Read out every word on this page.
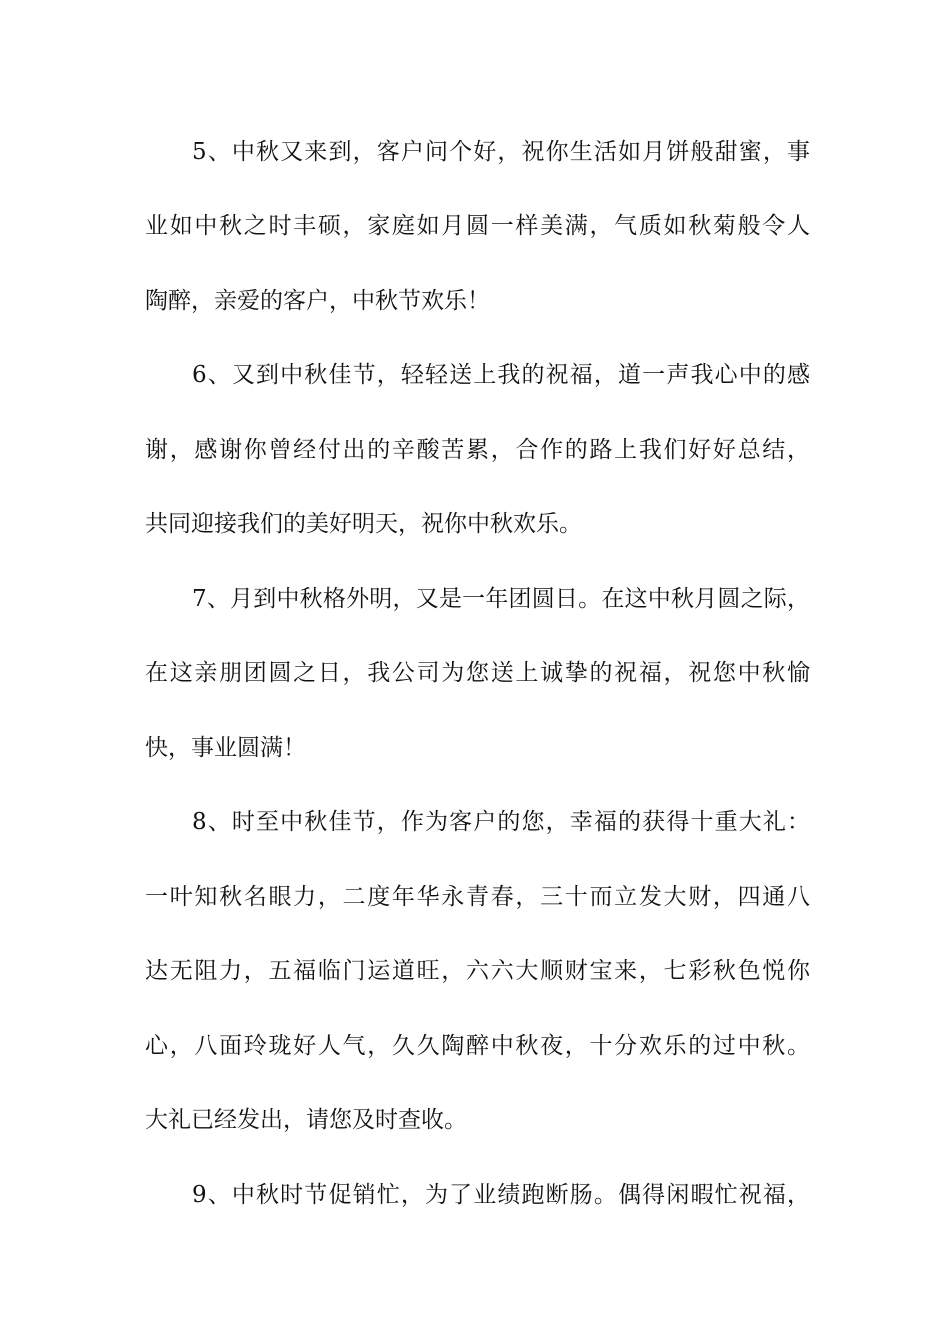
5、中秋又来到，客户问个好，祝你生活如月饼般甜蜜，事
业如中秋之时丰硕，家庭如月圆一样美满，气质如秋菊般令人
陶醉，亲爱的客户，中秋节欢乐！
6、又到中秋佳节，轻轻送上我的祝福，道一声我心中的感
谢，感谢你曾经付出的辛酸苦累，合作的路上我们好好总结，
共同迎接我们的美好明天，祝你中秋欢乐。
7、月到中秋格外明，又是一年团圆日。在这中秋月圆之际，
在这亲朋团圆之日，我公司为您送上诚挚的祝福，祝您中秋愉
快，事业圆满！
8、时至中秋佳节，作为客户的您，幸福的获得十重大礼：
一叶知秋名眼力，二度年华永青春，三十而立发大财，四通八
达无阻力，五福临门运道旺，六六大顺财宝来，七彩秋色悦你
心，八面玲珑好人气，久久陶醉中秋夜，十分欢乐的过中秋。
大礼已经发出，请您及时查收。
9、中秋时节促销忙，为了业绩跑断肠。偶得闲暇忙祝福，
